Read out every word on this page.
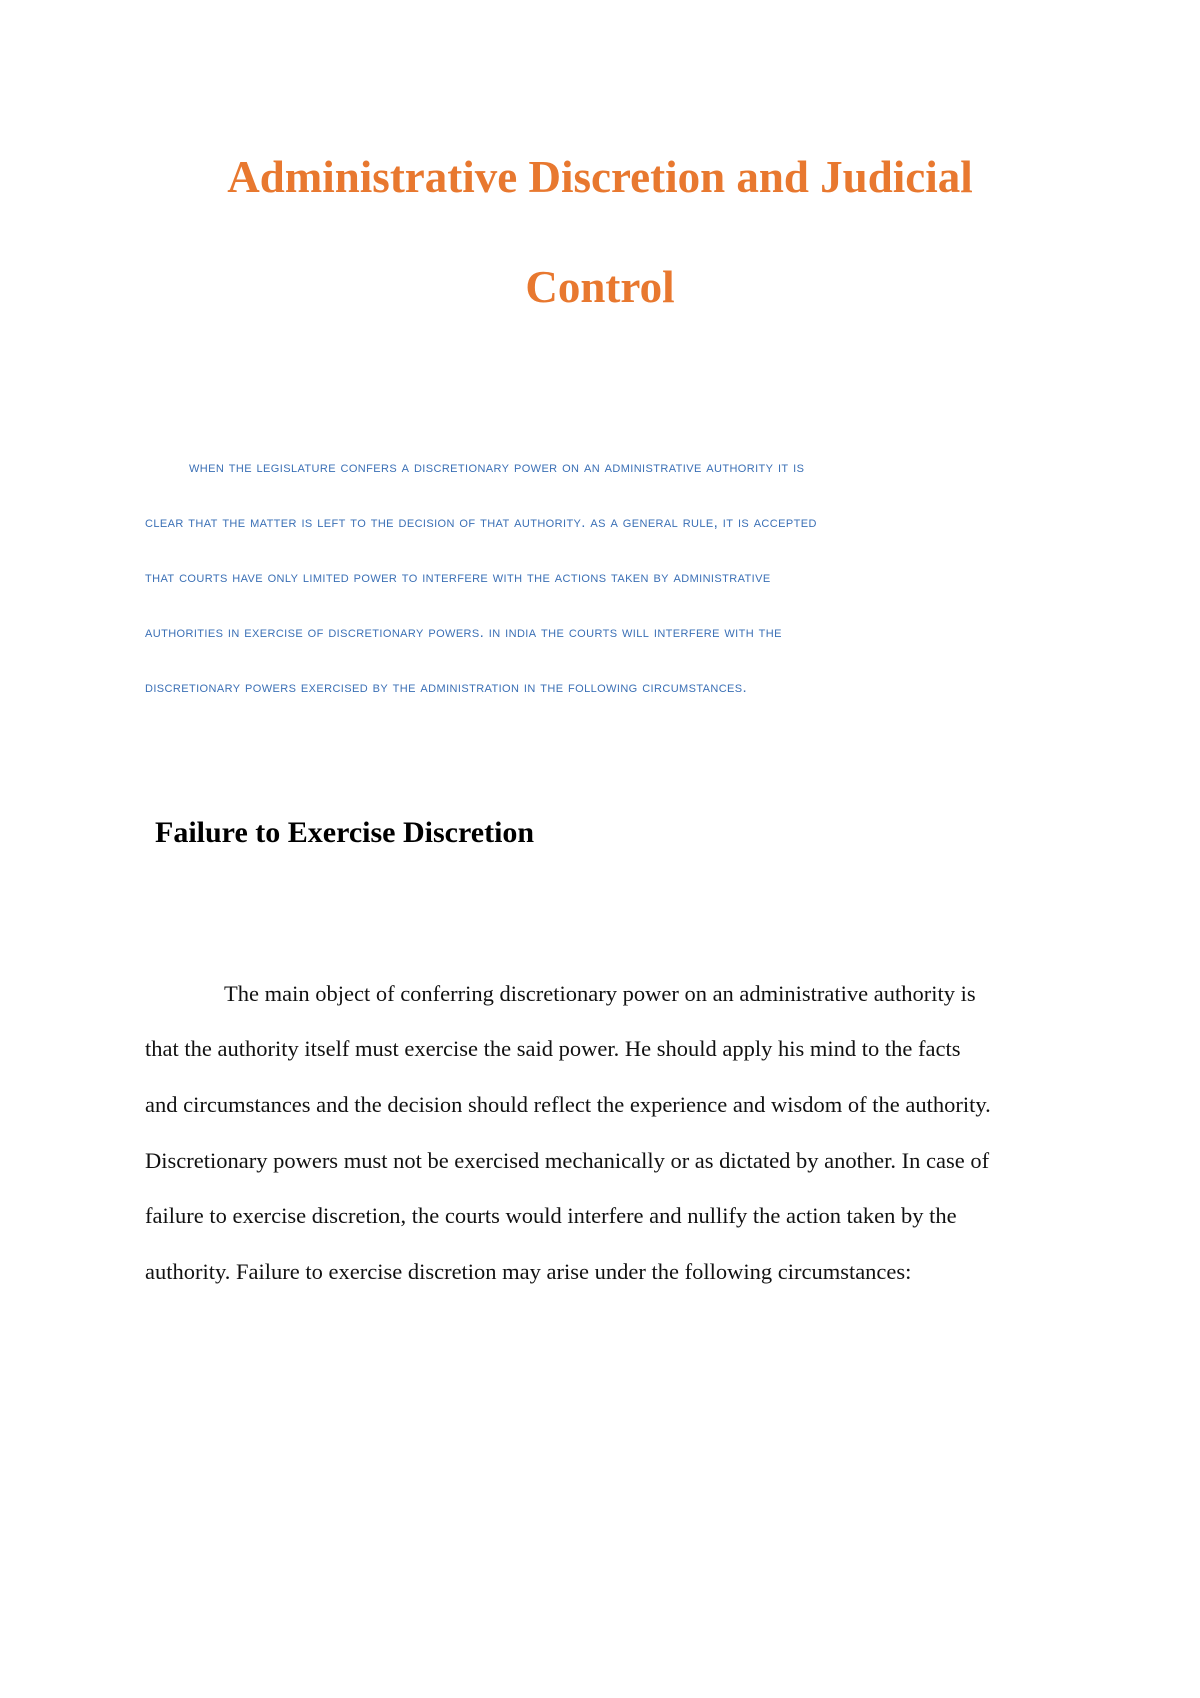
Administrative Discretion and Judicial
Control

when the legislature confers a discretionary power on an administrative authority it is

clear that the matter is left to the decision of that authority. as a general rule, it is accepted

that courts have only limited power to interfere with the actions taken by administrative

authorities in exercise of discretionary powers. in india the courts will interfere with the

discretionary powers exercised by the administration in the following circumstances.

Failure to Exercise Discretion

The main object of conferring discretionary power on an administrative authority is

that the authority itself must exercise the said power. He should apply his mind to the facts

and circumstances and the decision should reflect the experience and wisdom of the authority.

Discretionary powers must not be exercised mechanically or as dictated by another. In case of

failure to exercise discretion, the courts would interfere and nullify the action taken by the

authority. Failure to exercise discretion may arise under the following circumstances:
